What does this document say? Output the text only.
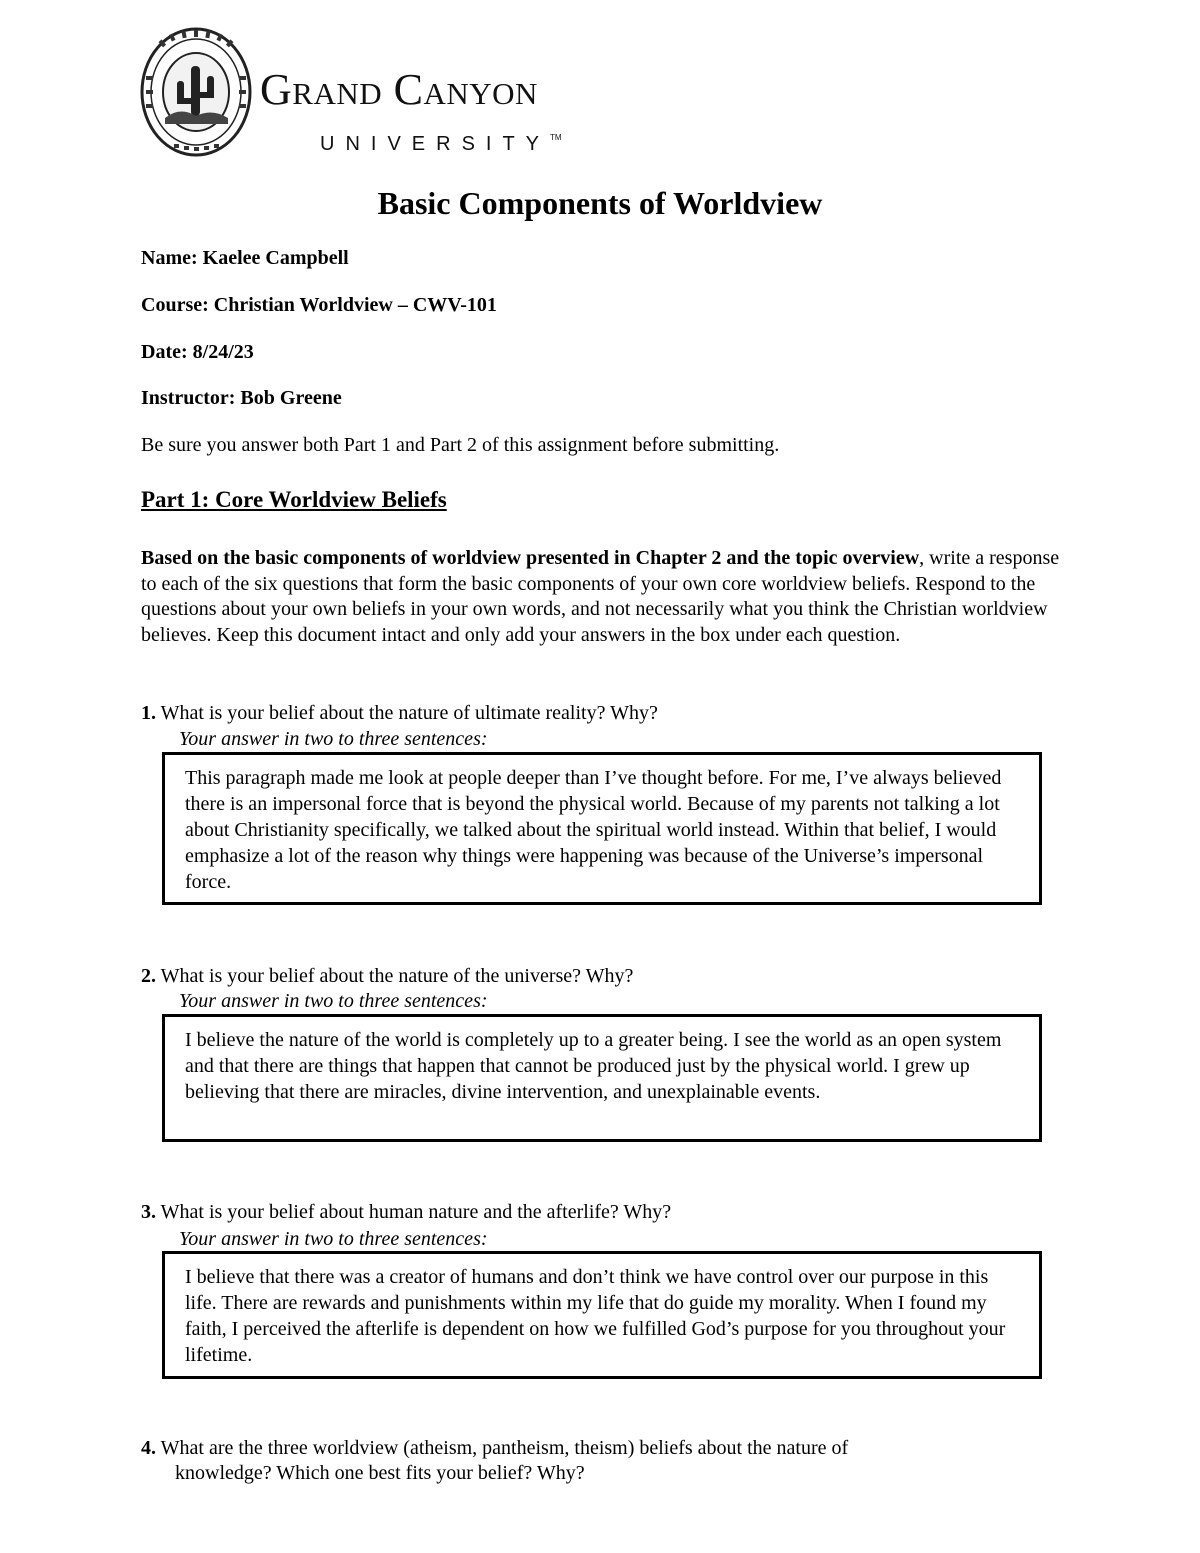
Grand Canyon
UNIVERSITY™
Basic Components of Worldview
Name: Kaelee Campbell
Course: Christian Worldview – CWV-101
Date: 8/24/23
Instructor: Bob Greene
Be sure you answer both Part 1 and Part 2 of this assignment before submitting.
Part 1: Core Worldview Beliefs
Based on the basic components of worldview presented in Chapter 2 and the topic overview, write a response to each of the six questions that form the basic components of your own core worldview beliefs. Respond to the questions about your own beliefs in your own words, and not necessarily what you think the Christian worldview believes. Keep this document intact and only add your answers in the box under each question.
1. What is your belief about the nature of ultimate reality? Why?
Your answer in two to three sentences:
This paragraph made me look at people deeper than I’ve thought before. For me, I’ve always believed there is an impersonal force that is beyond the physical world. Because of my parents not talking a lot about Christianity specifically, we talked about the spiritual world instead. Within that belief, I would emphasize a lot of the reason why things were happening was because of the Universe’s impersonal force.
2. What is your belief about the nature of the universe? Why?
Your answer in two to three sentences:
I believe the nature of the world is completely up to a greater being. I see the world as an open system and that there are things that happen that cannot be produced just by the physical world. I grew up believing that there are miracles, divine intervention, and unexplainable events.
3. What is your belief about human nature and the afterlife? Why?
Your answer in two to three sentences:
I believe that there was a creator of humans and don’t think we have control over our purpose in this life. There are rewards and punishments within my life that do guide my morality. When I found my faith, I perceived the afterlife is dependent on how we fulfilled God’s purpose for you throughout your lifetime.
4. What are the three worldview (atheism, pantheism, theism) beliefs about the nature of
knowledge? Which one best fits your belief? Why?
